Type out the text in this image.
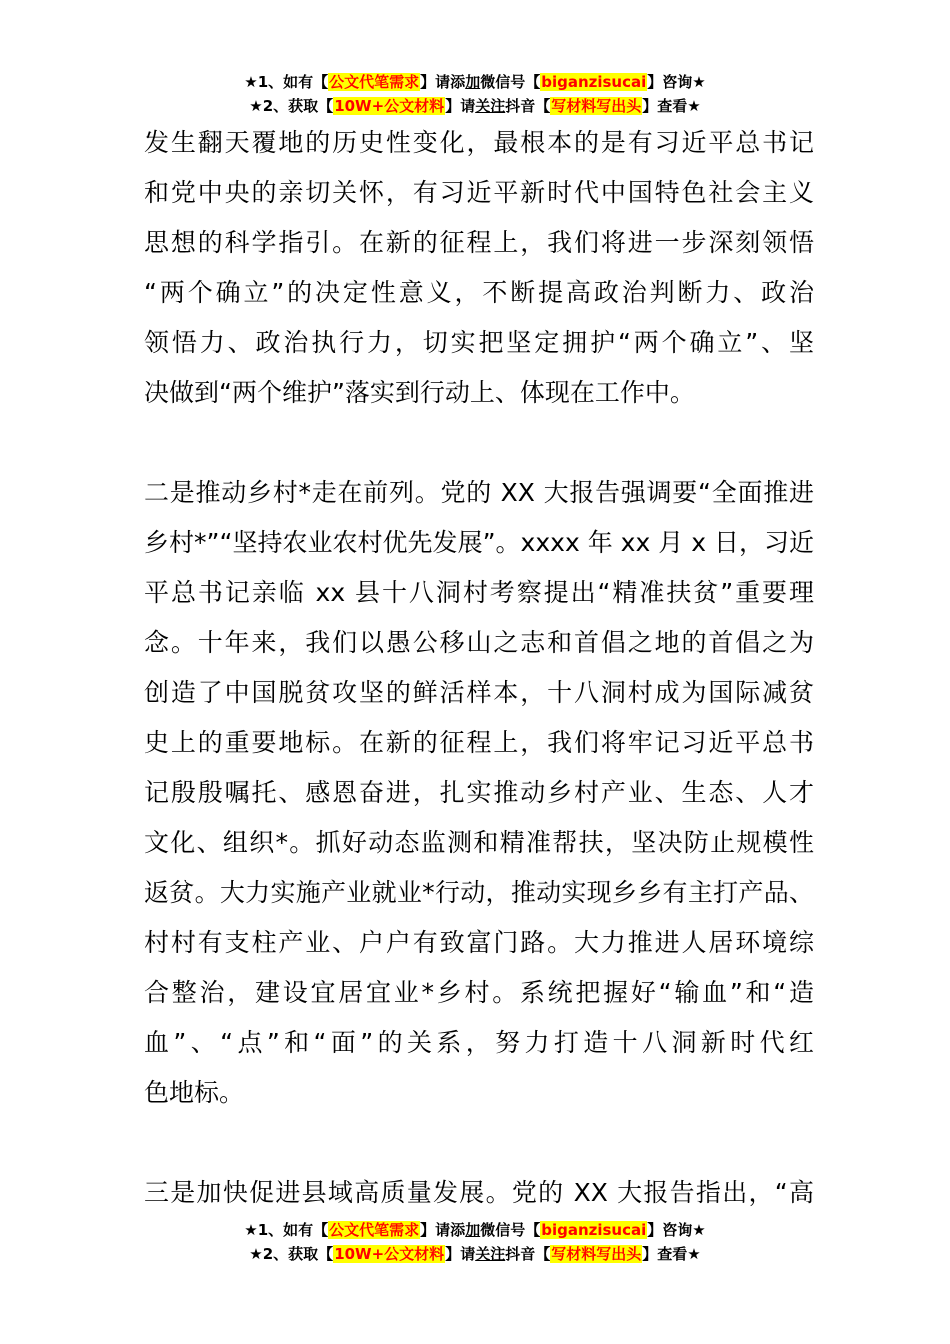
★1、如有【公文代笔需求】请添加微信号【biganzisucai】咨询★
★2、获取【10W+公文材料】请关注抖音【写材料写出头】查看★
发生翻天覆地的历史性变化，最根本的是有习近平总书记
和党中央的亲切关怀，有习近平新时代中国特色社会主义
思想的科学指引。在新的征程上，我们将进一步深刻领悟
“两个确立”的决定性意义，不断提高政治判断力、政治
领悟力、政治执行力，切实把坚定拥护“两个确立”、坚
决做到“两个维护”落实到行动上、体现在工作中。
二是推动乡村*走在前列。党的 XX 大报告强调要“全面推进
乡村*”“坚持农业农村优先发展”。xxxx 年 xx 月 x 日，习近
平总书记亲临 xx 县十八洞村考察提出“精准扶贫”重要理
念。十年来，我们以愚公移山之志和首倡之地的首倡之为
创造了中国脱贫攻坚的鲜活样本，十八洞村成为国际减贫
史上的重要地标。在新的征程上，我们将牢记习近平总书
记殷殷嘱托、感恩奋进，扎实推动乡村产业、生态、人才
文化、组织*。抓好动态监测和精准帮扶，坚决防止规模性
返贫。大力实施产业就业*行动，推动实现乡乡有主打产品、
村村有支柱产业、户户有致富门路。大力推进人居环境综
合整治，建设宜居宜业*乡村。系统把握好“输血”和“造
血”、“点”和“面”的关系，努力打造十八洞新时代红
色地标。
三是加快促进县域高质量发展。党的 XX 大报告指出，“高
★1、如有【公文代笔需求】请添加微信号【biganzisucai】咨询★
★2、获取【10W+公文材料】请关注抖音【写材料写出头】查看★
